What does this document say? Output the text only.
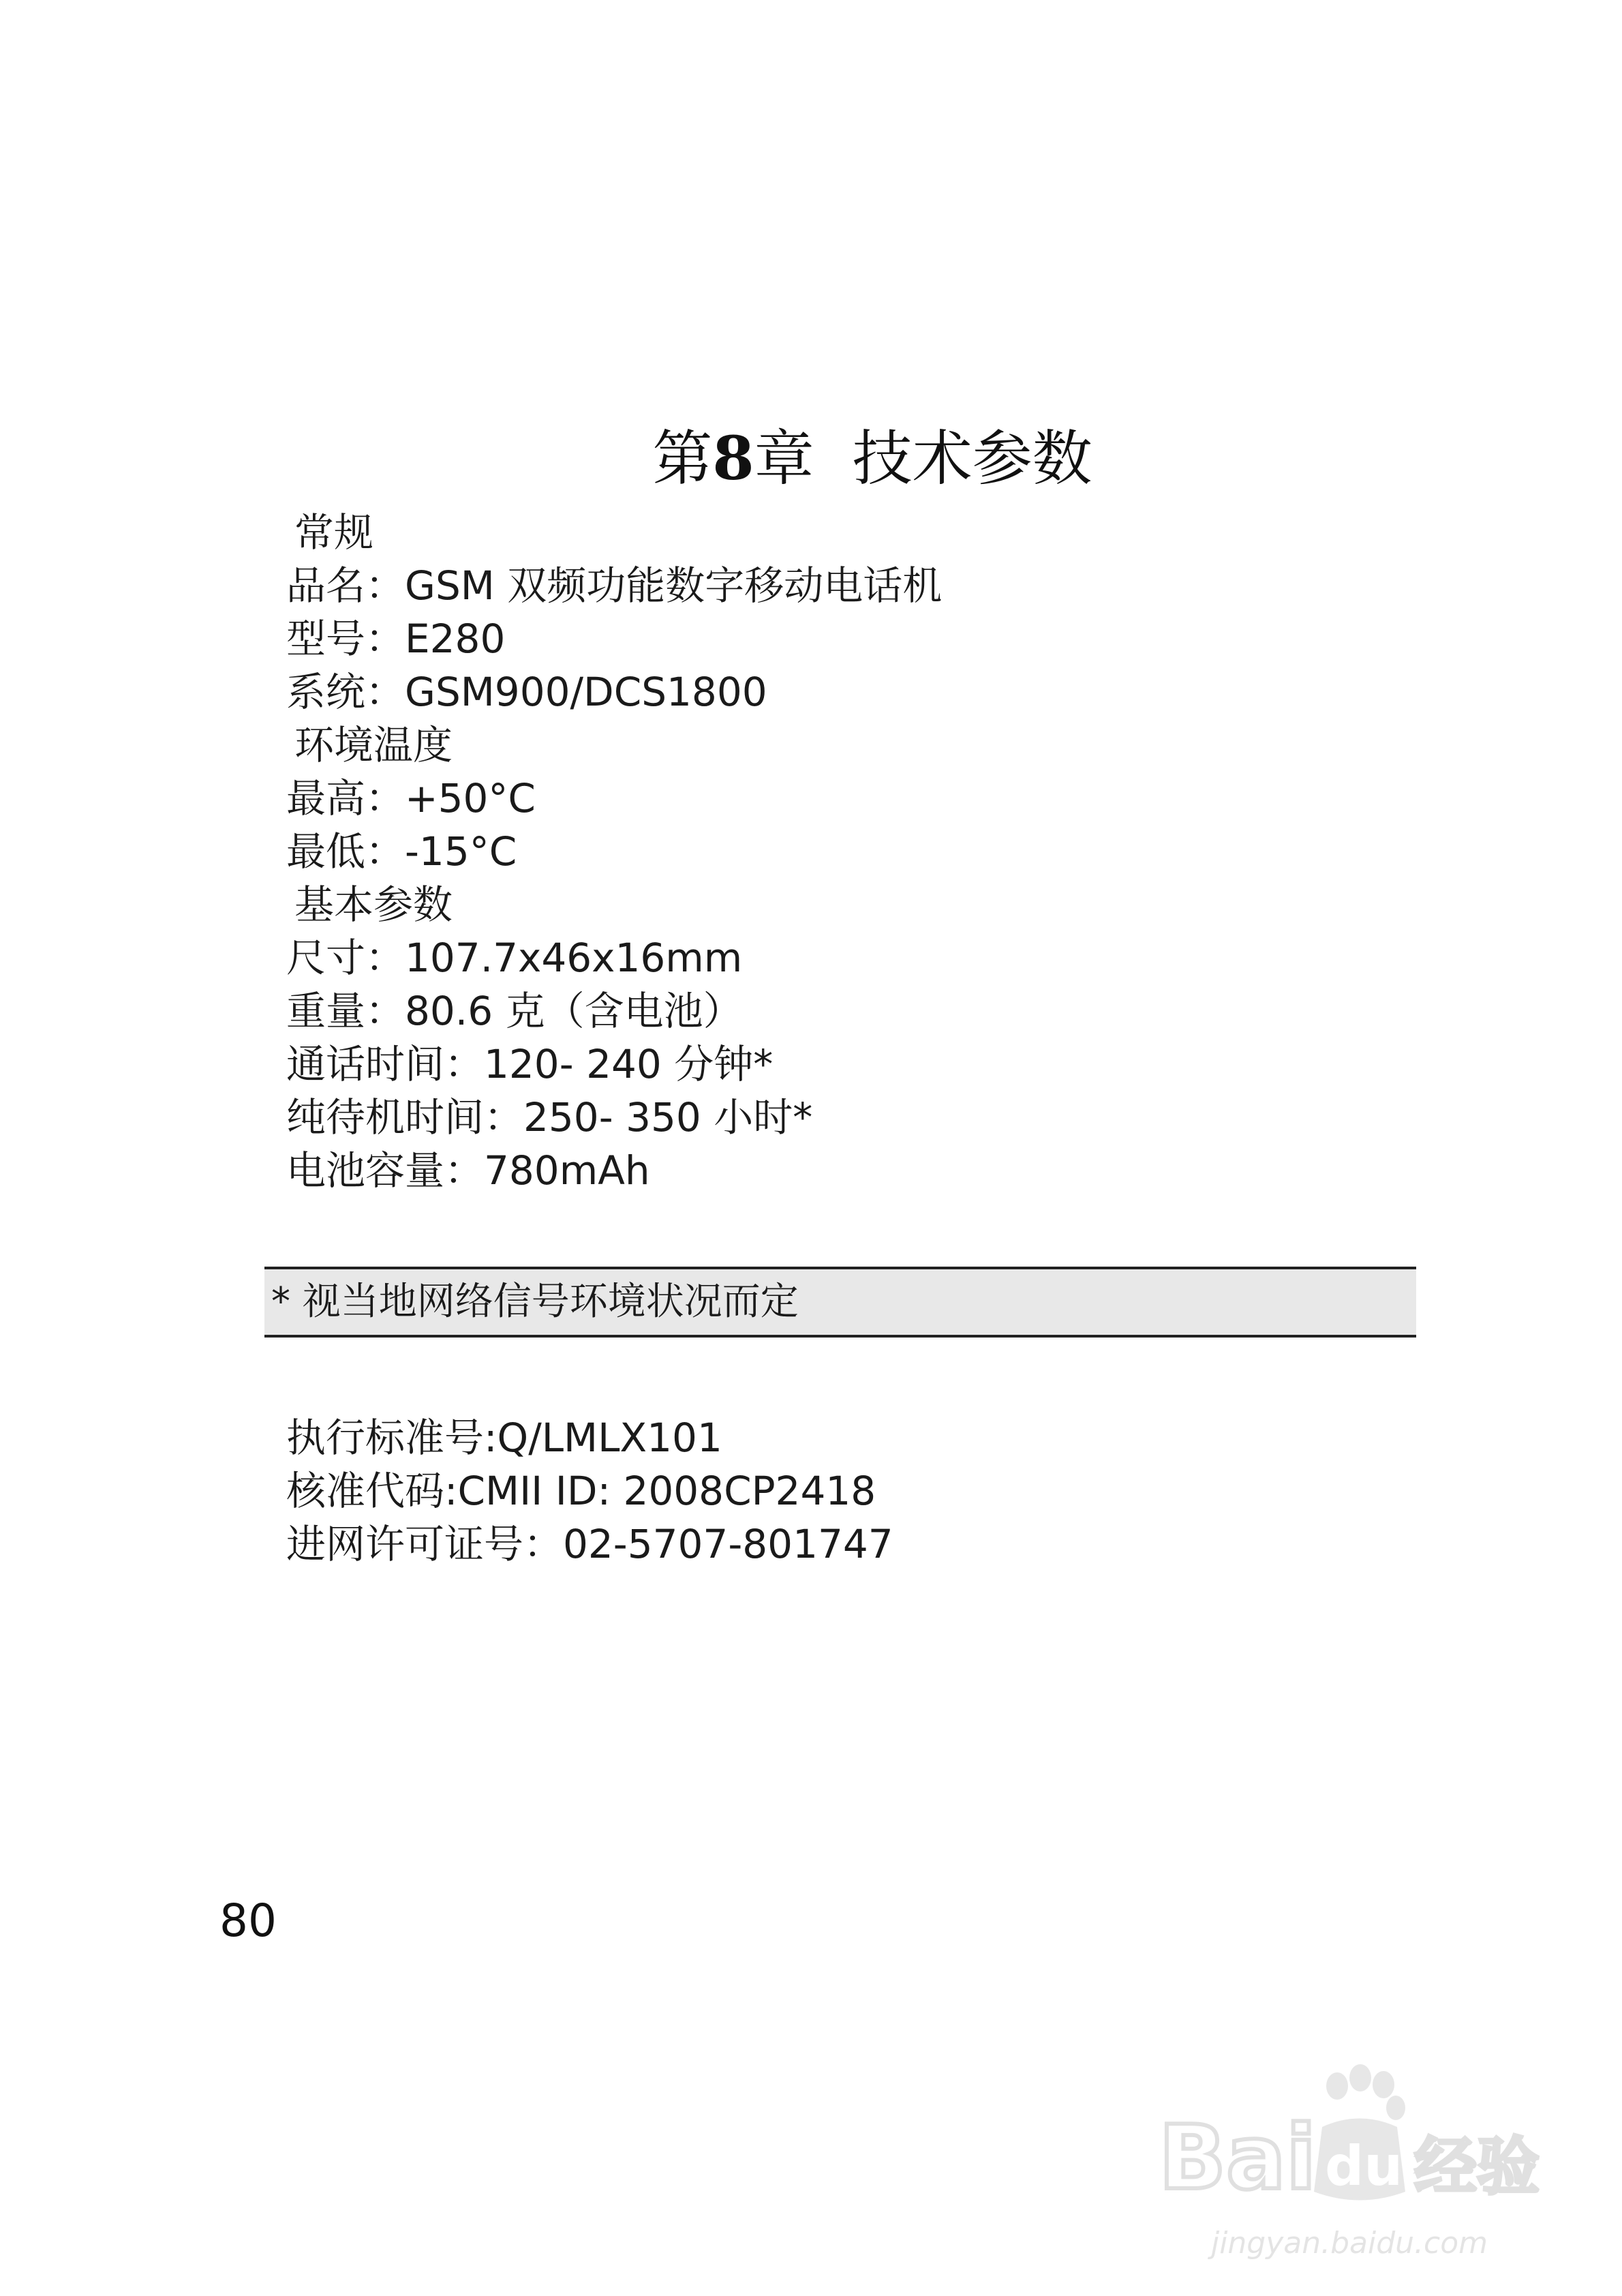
第8章 技术参数
常规
品名：GSM 双频功能数字移动电话机
型号：E280
系统：GSM900/DCS1800
环境温度
最高：+50°C
最低：-15°C
基本参数
尺寸：107.7x46x16mm
重量：80.6 克（含电池）
通话时间：120- 240 分钟*
纯待机时间：250- 350 小时*
电池容量：780mAh
* 视当地网络信号环境状况而定
执行标准号:Q/LMLX101
核准代码:CMII ID: 2008CP2418
进网许可证号：02-5707-801747
80
Bai du 经验
jingyan.baidu.com
